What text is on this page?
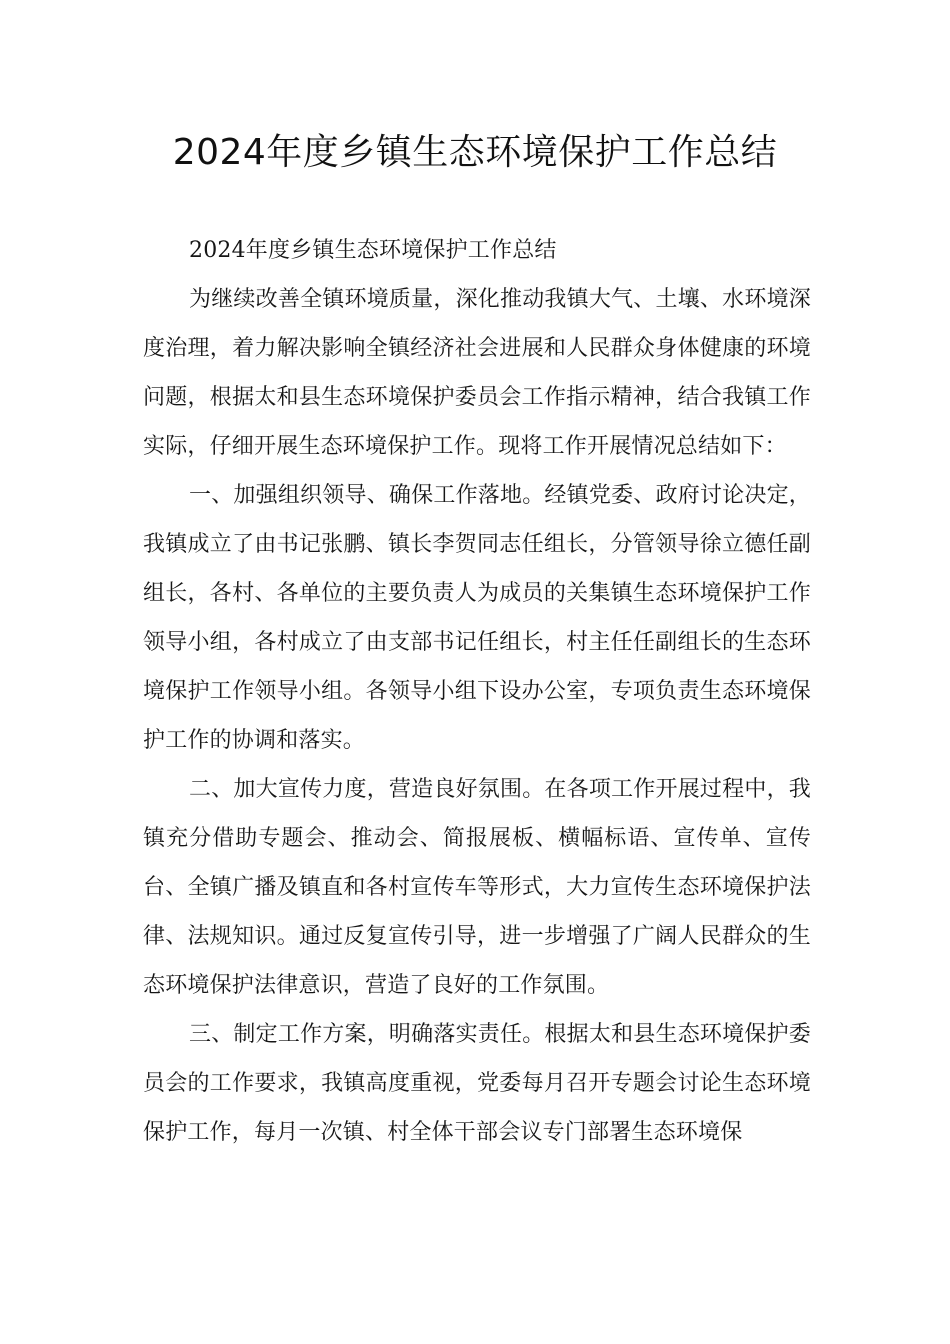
2024年度乡镇生态环境保护工作总结

2024年度乡镇生态环境保护工作总结

为继续改善全镇环境质量，深化推动我镇大气、土壤、水环境深度治理，着力解决影响全镇经济社会进展和人民群众身体健康的环境问题，根据太和县生态环境保护委员会工作指示精神，结合我镇工作实际，仔细开展生态环境保护工作。现将工作开展情况总结如下：

一、加强组织领导、确保工作落地。经镇党委、政府讨论决定，我镇成立了由书记张鹏、镇长李贺同志任组长，分管领导徐立德任副组长，各村、各单位的主要负责人为成员的关集镇生态环境保护工作领导小组，各村成立了由支部书记任组长，村主任任副组长的生态环境保护工作领导小组。各领导小组下设办公室，专项负责生态环境保护工作的协调和落实。

二、加大宣传力度，营造良好氛围。在各项工作开展过程中，我镇充分借助专题会、推动会、简报展板、横幅标语、宣传单、宣传台、全镇广播及镇直和各村宣传车等形式，大力宣传生态环境保护法律、法规知识。通过反复宣传引导，进一步增强了广阔人民群众的生态环境保护法律意识，营造了良好的工作氛围。

三、制定工作方案，明确落实责任。根据太和县生态环境保护委员会的工作要求，我镇高度重视，党委每月召开专题会讨论生态环境保护工作，每月一次镇、村全体干部会议专门部署生态环境保
